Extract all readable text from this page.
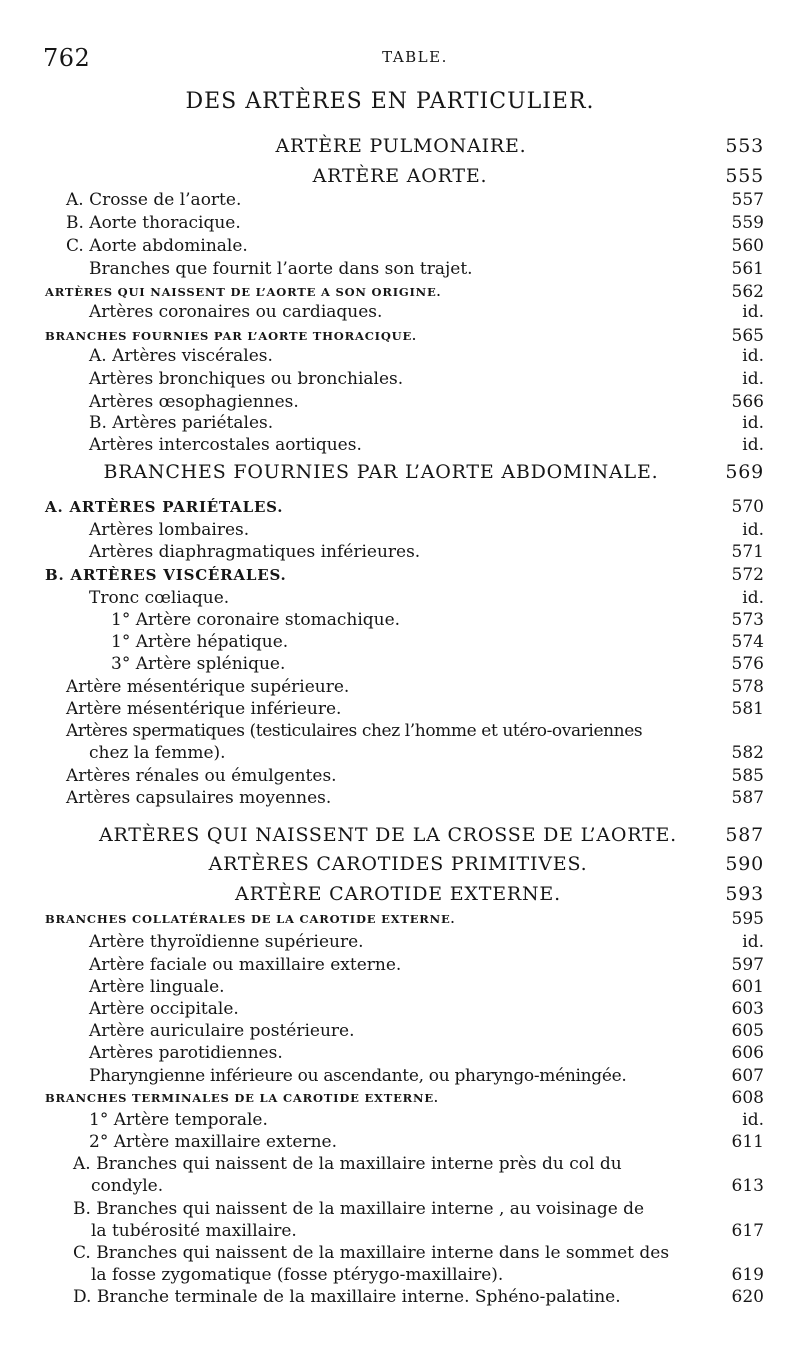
762	TABLE.
DES ARTÈRES EN PARTICULIER.
ARTÈRE PULMONAIRE.	553
ARTÈRE AORTE.	555
A. Crosse de l’aorte.	557
B. Aorte thoracique.	559
C. Aorte abdominale.	560
Branches que fournit l’aorte dans son trajet.	561
ARTÈRES QUI NAISSENT DE L’AORTE A SON ORIGINE.	562
Artères coronaires ou cardiaques.	id.
BRANCHES FOURNIES PAR L’AORTE THORACIQUE.	565
A. Artères viscérales.	id.
Artères bronchiques ou bronchiales.	id.
Artères œsophagiennes.	566
B. Artères pariétales.	id.
Artères intercostales aortiques.	id.
BRANCHES FOURNIES PAR L’AORTE ABDOMINALE.	569
A. ARTÈRES PARIÉTALES.	570
Artères lombaires.	id.
Artères diaphragmatiques inférieures.	571
B. ARTÈRES VISCÉRALES.	572
Tronc cœliaque.	id.
1° Artère coronaire stomachique.	573
1° Artère hépatique.	574
3° Artère splénique.	576
Artère mésentérique supérieure.	578
Artère mésentérique inférieure.	581
Artères spermatiques (testiculaires chez l’homme et utéro-ovariennes
chez la femme).	582
Artères rénales ou émulgentes.	585
Artères capsulaires moyennes.	587
ARTÈRES QUI NAISSENT DE LA CROSSE DE L’AORTE.	587
ARTÈRES CAROTIDES PRIMITIVES.	590
ARTÈRE CAROTIDE EXTERNE.	593
BRANCHES COLLATÉRALES DE LA CAROTIDE EXTERNE.	595
Artère thyroïdienne supérieure.	id.
Artère faciale ou maxillaire externe.	597
Artère linguale.	601
Artère occipitale.	603
Artère auriculaire postérieure.	605
Artères parotidiennes.	606
Pharyngienne inférieure ou ascendante, ou pharyngo-méningée.	607
BRANCHES TERMINALES DE LA CAROTIDE EXTERNE.	608
1° Artère temporale.	id.
2° Artère maxillaire externe.	611
A. Branches qui naissent de la maxillaire interne près du col du
condyle.	613
B. Branches qui naissent de la maxillaire interne , au voisinage de
la tubérosité maxillaire.	617
C. Branches qui naissent de la maxillaire interne dans le sommet des
la fosse zygomatique (fosse ptérygo-maxillaire).	619
D. Branche terminale de la maxillaire interne. Sphéno-palatine.	620
